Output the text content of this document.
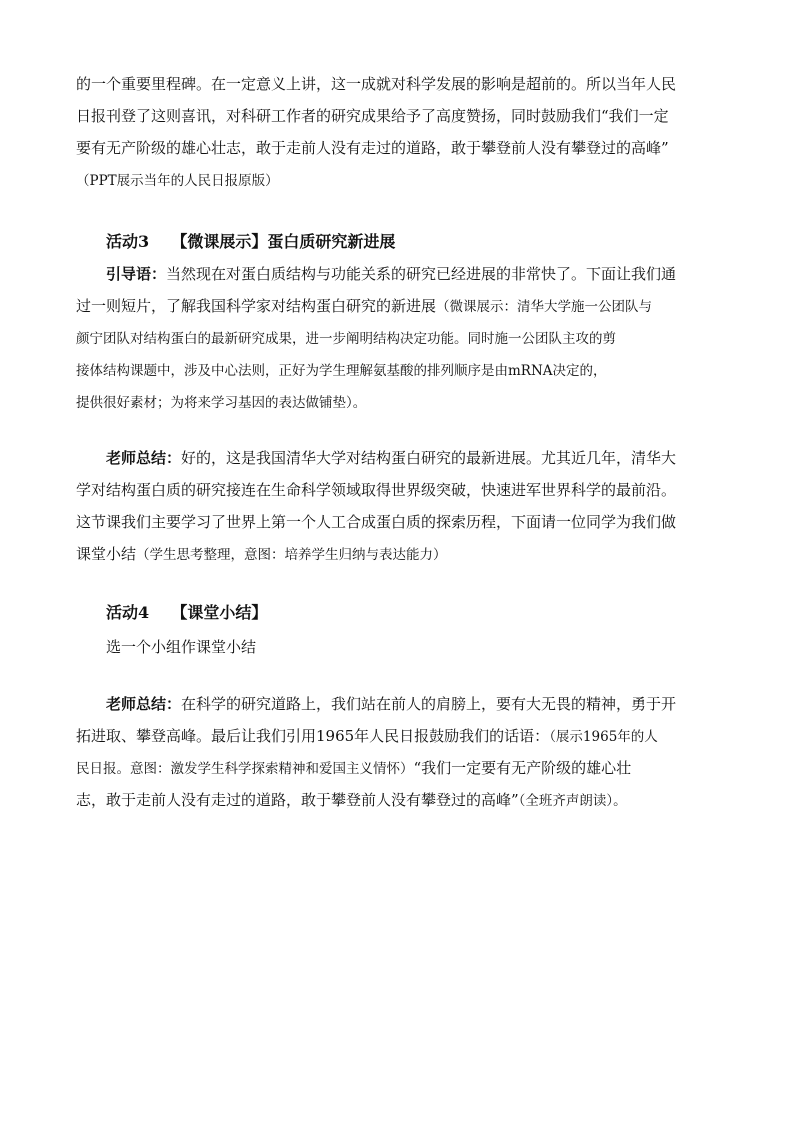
的一个重要里程碑。在一定意义上讲，这一成就对科学发展的影响是超前的。所以当年人民
日报刊登了这则喜讯，对科研工作者的研究成果给予了高度赞扬，同时鼓励我们“我们一定
要有无产阶级的雄心壮志，敢于走前人没有走过的道路，敢于攀登前人没有攀登过的高峰”
（PPT展示当年的人民日报原版）
活动3 【微课展示】蛋白质研究新进展
引导语：当然现在对蛋白质结构与功能关系的研究已经进展的非常快了。下面让我们通
过一则短片，了解我国科学家对结构蛋白研究的新进展（微课展示：清华大学施一公团队与
颜宁团队对结构蛋白的最新研究成果，进一步阐明结构决定功能。同时施一公团队主攻的剪
接体结构课题中，涉及中心法则，正好为学生理解氨基酸的排列顺序是由mRNA决定的，
提供很好素材；为将来学习基因的表达做铺垫）。
老师总结：好的，这是我国清华大学对结构蛋白研究的最新进展。尤其近几年，清华大
学对结构蛋白质的研究接连在生命科学领域取得世界级突破，快速进军世界科学的最前沿。
这节课我们主要学习了世界上第一个人工合成蛋白质的探索历程，下面请一位同学为我们做
课堂小结（学生思考整理，意图：培养学生归纳与表达能力）
活动4 【课堂小结】
选一个小组作课堂小结
老师总结：在科学的研究道路上，我们站在前人的肩膀上，要有大无畏的精神，勇于开
拓进取、攀登高峰。最后让我们引用1965年人民日报鼓励我们的话语：（展示1965年的人
民日报。意图：激发学生科学探索精神和爱国主义情怀）“我们一定要有无产阶级的雄心壮
志，敢于走前人没有走过的道路，敢于攀登前人没有攀登过的高峰”（全班齐声朗读）。
